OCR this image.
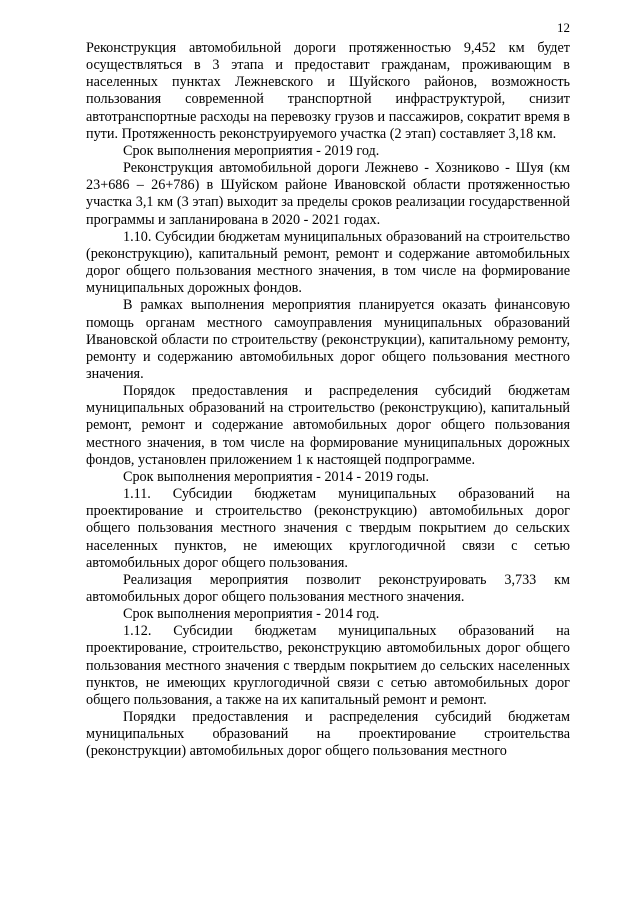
12

Реконструкция автомобильной дороги протяженностью 9,452 км будет осуществляться в 3 этапа и предоставит гражданам, проживающим в населенных пунктах Лежневского и Шуйского районов, возможность пользования современной транспортной инфраструктурой, снизит автотранспортные расходы на перевозку грузов и пассажиров, сократит время в пути. Протяженность реконструируемого участка (2 этап) составляет 3,18 км.

Срок выполнения мероприятия - 2019 год.

Реконструкция автомобильной дороги Лежнево - Хозниково - Шуя (км 23+686 – 26+786) в Шуйском районе Ивановской области протяженностью участка 3,1 км (3 этап) выходит за пределы сроков реализации государственной программы и запланирована в 2020 - 2021 годах.

1.10. Субсидии бюджетам муниципальных образований на строительство (реконструкцию), капитальный ремонт, ремонт и содержание автомобильных дорог общего пользования местного значения, в том числе на формирование муниципальных дорожных фондов.

В рамках выполнения мероприятия планируется оказать финансовую помощь органам местного самоуправления муниципальных образований Ивановской области по строительству (реконструкции), капитальному ремонту, ремонту и содержанию автомобильных дорог общего пользования местного значения.

Порядок предоставления и распределения субсидий бюджетам муниципальных образований на строительство (реконструкцию), капитальный ремонт, ремонт и содержание автомобильных дорог общего пользования местного значения, в том числе на формирование муниципальных дорожных фондов, установлен приложением 1 к настоящей подпрограмме.

Срок выполнения мероприятия - 2014 - 2019 годы.

1.11. Субсидии бюджетам муниципальных образований на проектирование и строительство (реконструкцию) автомобильных дорог общего пользования местного значения с твердым покрытием до сельских населенных пунктов, не имеющих круглогодичной связи с сетью автомобильных дорог общего пользования.

Реализация мероприятия позволит реконструировать 3,733 км автомобильных дорог общего пользования местного значения.

Срок выполнения мероприятия - 2014 год.

1.12. Субсидии бюджетам муниципальных образований на проектирование, строительство, реконструкцию автомобильных дорог общего пользования местного значения с твердым покрытием до сельских населенных пунктов, не имеющих круглогодичной связи с сетью автомобильных дорог общего пользования, а также на их капитальный ремонт и ремонт.

Порядки предоставления и распределения субсидий бюджетам муниципальных образований на проектирование строительства (реконструкции) автомобильных дорог общего пользования местного
